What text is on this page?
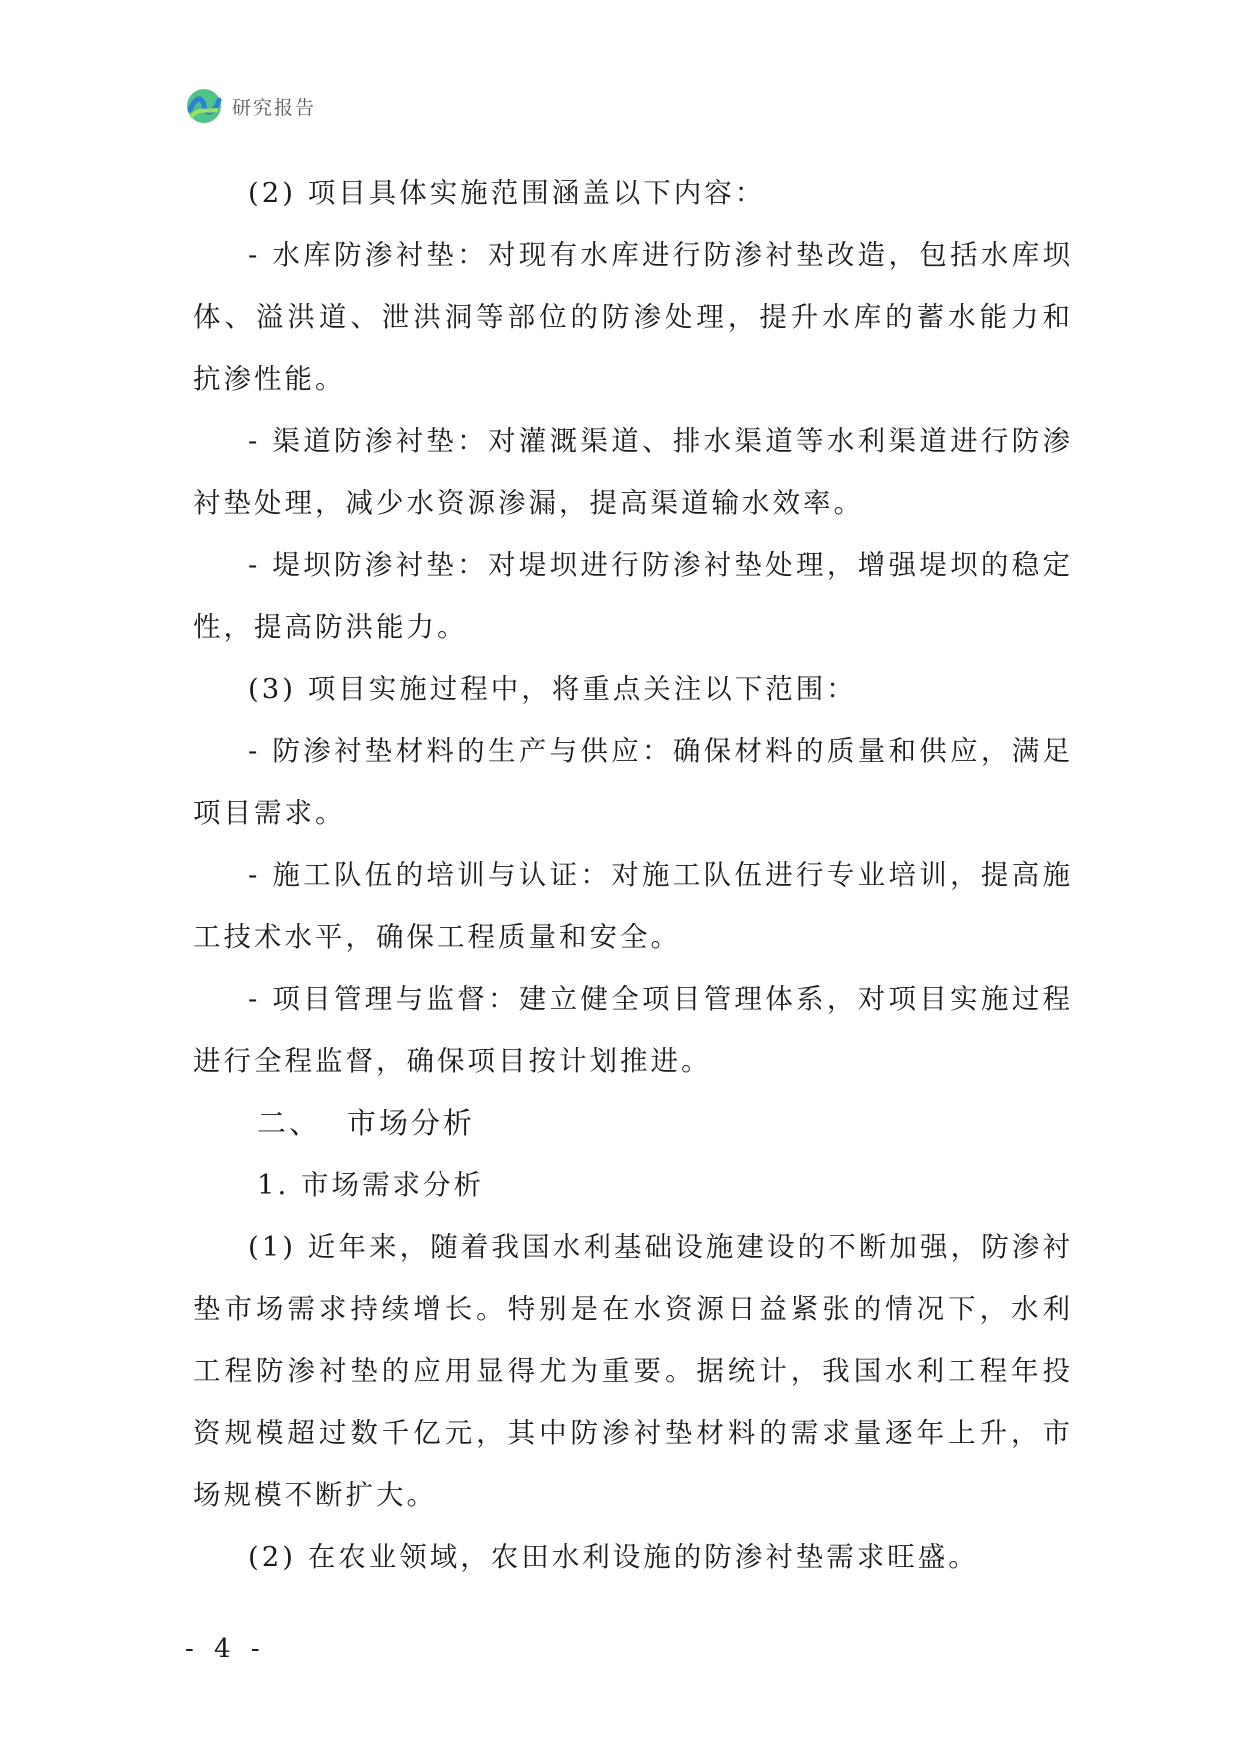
研究报告

(2) 项目具体实施范围涵盖以下内容：

- 水库防渗衬垫：对现有水库进行防渗衬垫改造，包括水库坝体、溢洪道、泄洪洞等部位的防渗处理，提升水库的蓄水能力和抗渗性能。

- 渠道防渗衬垫：对灌溉渠道、排水渠道等水利渠道进行防渗衬垫处理，减少水资源渗漏，提高渠道输水效率。

- 堤坝防渗衬垫：对堤坝进行防渗衬垫处理，增强堤坝的稳定性，提高防洪能力。

(3) 项目实施过程中，将重点关注以下范围：

- 防渗衬垫材料的生产与供应：确保材料的质量和供应，满足项目需求。

- 施工队伍的培训与认证：对施工队伍进行专业培训，提高施工技术水平，确保工程质量和安全。

- 项目管理与监督：建立健全项目管理体系，对项目实施过程进行全程监督，确保项目按计划推进。

二、 市场分析

1. 市场需求分析

(1) 近年来，随着我国水利基础设施建设的不断加强，防渗衬垫市场需求持续增长。特别是在水资源日益紧张的情况下，水利工程防渗衬垫的应用显得尤为重要。据统计，我国水利工程年投资规模超过数千亿元，其中防渗衬垫材料的需求量逐年上升，市场规模不断扩大。

(2) 在农业领域，农田水利设施的防渗衬垫需求旺盛。

- 4 -
